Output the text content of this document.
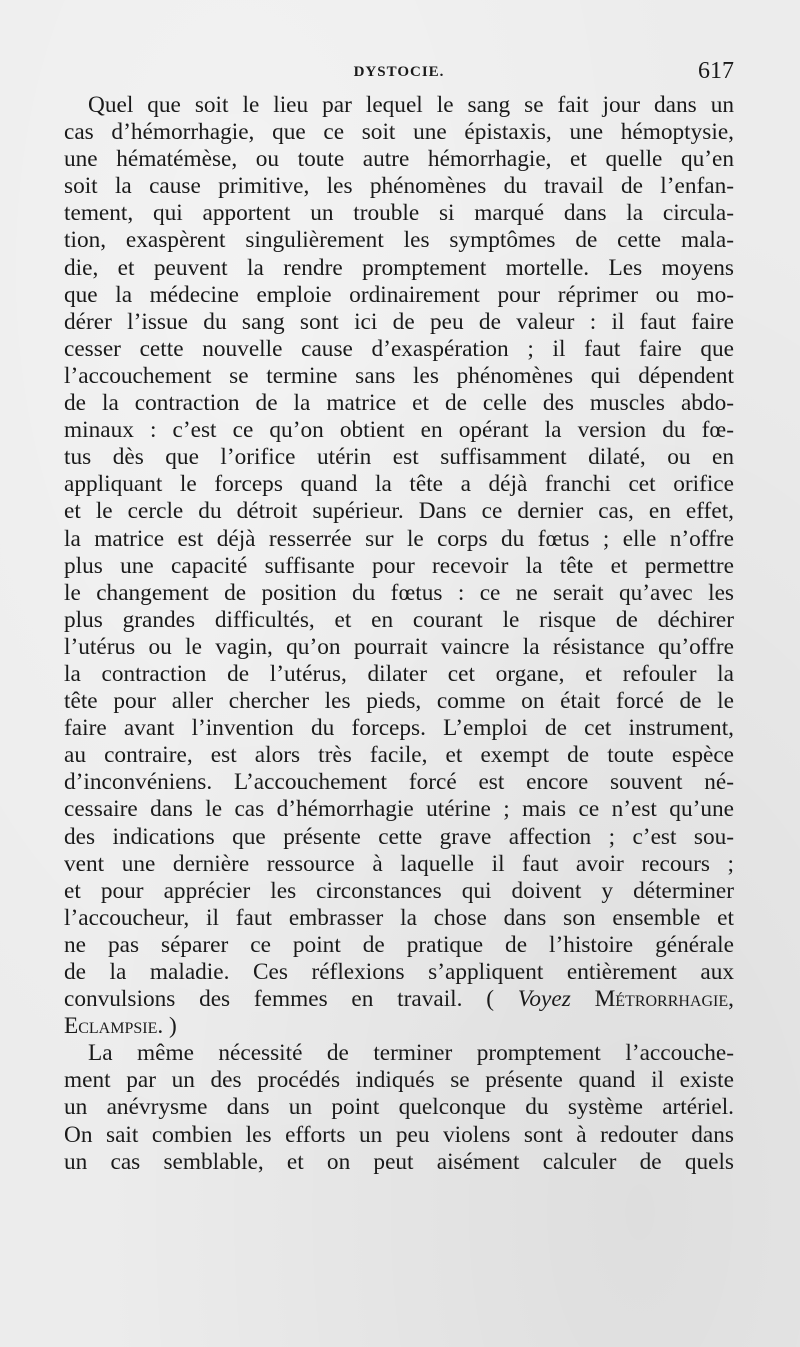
DYSTOCIE.	617
Quel que soit le lieu par lequel le sang se fait jour dans un
cas d’hémorrhagie, que ce soit une épistaxis, une hémoptysie,
une hématémèse, ou toute autre hémorrhagie, et quelle qu’en
soit la cause primitive, les phénomènes du travail de l’enfan-
tement, qui apportent un trouble si marqué dans la circula-
tion, exaspèrent singulièrement les symptômes de cette mala-
die, et peuvent la rendre promptement mortelle. Les moyens
que la médecine emploie ordinairement pour réprimer ou mo-
dérer l’issue du sang sont ici de peu de valeur : il faut faire
cesser cette nouvelle cause d’exaspération ; il faut faire que
l’accouchement se termine sans les phénomènes qui dépendent
de la contraction de la matrice et de celle des muscles abdo-
minaux : c’est ce qu’on obtient en opérant la version du fœ-
tus dès que l’orifice utérin est suffisamment dilaté, ou en
appliquant le forceps quand la tête a déjà franchi cet orifice
et le cercle du détroit supérieur. Dans ce dernier cas, en effet,
la matrice est déjà resserrée sur le corps du fœtus ; elle n’offre
plus une capacité suffisante pour recevoir la tête et permettre
le changement de position du fœtus : ce ne serait qu’avec les
plus grandes difficultés, et en courant le risque de déchirer
l’utérus ou le vagin, qu’on pourrait vaincre la résistance qu’offre
la contraction de l’utérus, dilater cet organe, et refouler la
tête pour aller chercher les pieds, comme on était forcé de le
faire avant l’invention du forceps. L’emploi de cet instrument,
au contraire, est alors très facile, et exempt de toute espèce
d’inconvéniens. L’accouchement forcé est encore souvent né-
cessaire dans le cas d’hémorrhagie utérine ; mais ce n’est qu’une
des indications que présente cette grave affection ; c’est sou-
vent une dernière ressource à laquelle il faut avoir recours ;
et pour apprécier les circonstances qui doivent y déterminer
l’accoucheur, il faut embrasser la chose dans son ensemble et
ne pas séparer ce point de pratique de l’histoire générale
de la maladie. Ces réflexions s’appliquent entièrement aux
convulsions des femmes en travail. ( Voyez Métrorrhagie,
Eclampsie. )
La même nécessité de terminer promptement l’accouche-
ment par un des procédés indiqués se présente quand il existe
un anévrysme dans un point quelconque du système artériel.
On sait combien les efforts un peu violens sont à redouter dans
un cas semblable, et on peut aisément calculer de quels
